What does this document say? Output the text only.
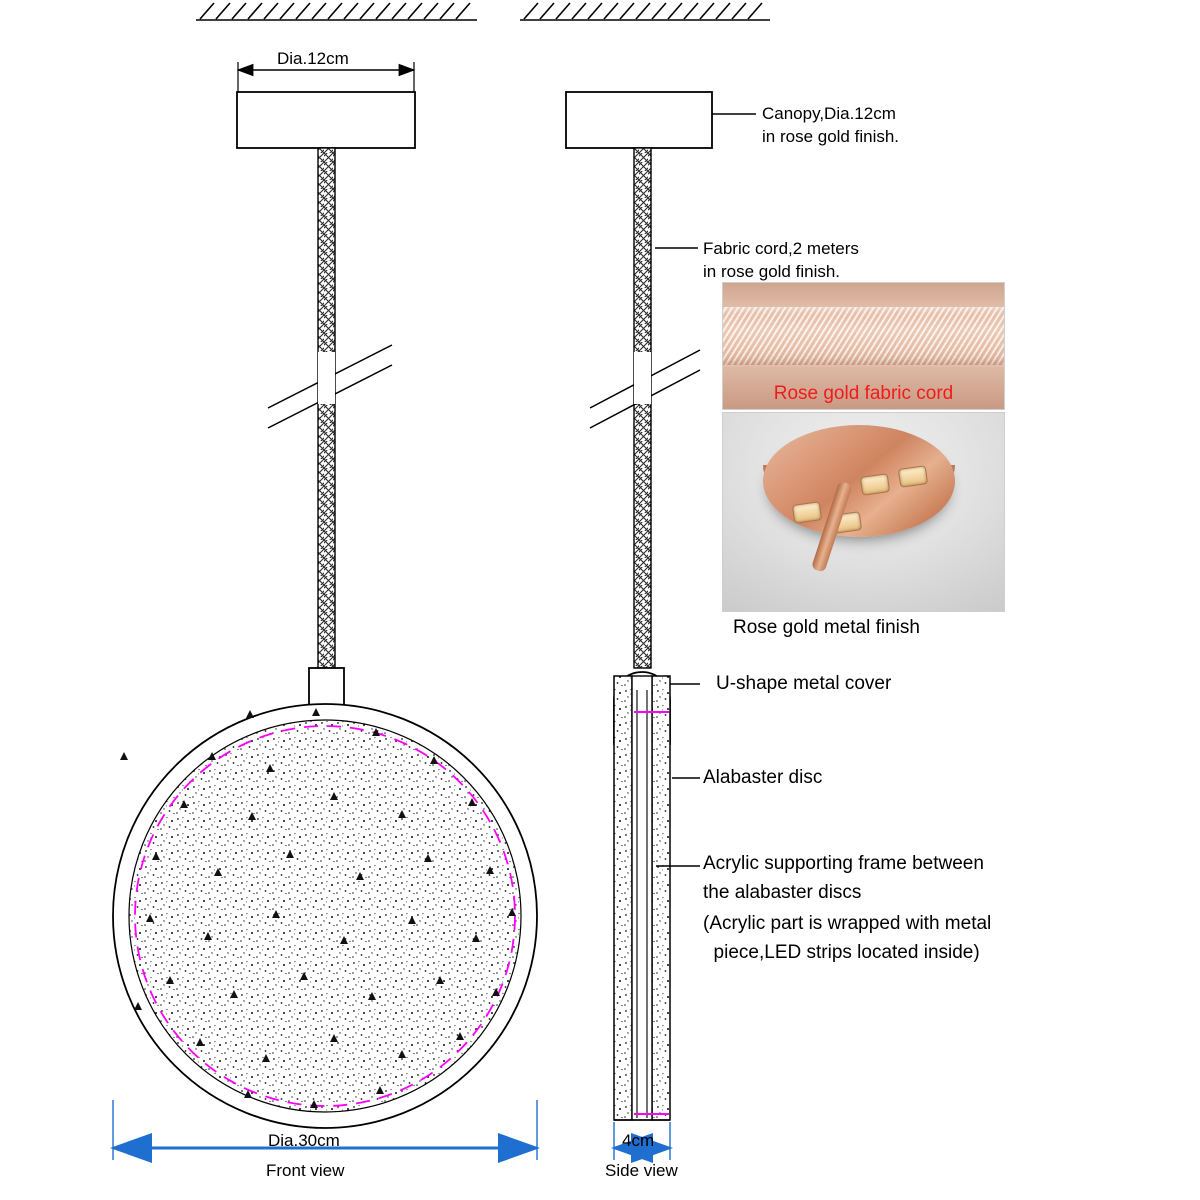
Rose gold fabric cord
Dia.12cm
Canopy,Dia.12cm
in rose gold finish.
Fabric cord,2 meters
in rose gold finish.
Rose gold metal finish
U-shape metal cover
Alabaster disc
Acrylic supporting frame between
the alabaster discs
(Acrylic part is wrapped with metal
piece,LED strips located inside)
Dia.30cm
Front view
4cm
Side view
